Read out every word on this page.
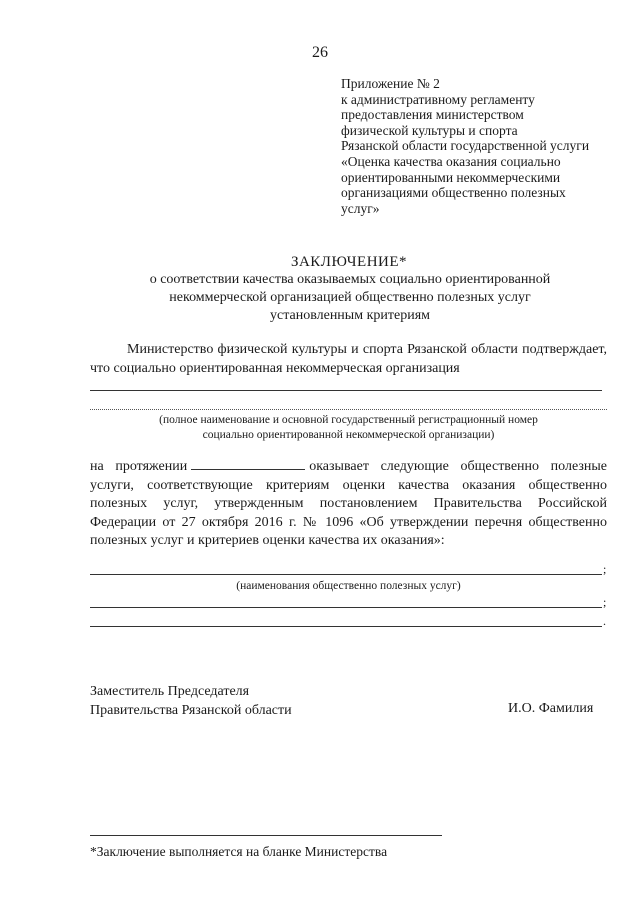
26
Приложение № 2
к административному регламенту
предоставления министерством
физической культуры и спорта
Рязанской области государственной услуги
«Оценка качества оказания социально
ориентированными некоммерческими
организациями общественно полезных
услуг»
ЗАКЛЮЧЕНИЕ*
о соответствии качества оказываемых социально ориентированной
некоммерческой организацией общественно полезных услуг
установленным критериям
Министерство физической культуры и спорта Рязанской области подтверждает, что социально ориентированная некоммерческая организация
(полное наименование и основной государственный регистрационный номер
социально ориентированной некоммерческой организации)
на протяжении	оказывает следующие общественно полезные услуги, соответствующие критериям оценки качества оказания общественно полезных услуг, утвержденным постановлением Правительства Российской Федерации от 27 октября 2016 г. № 1096 «Об утверждении перечня общественно полезных услуг и критериев оценки качества их оказания»:
;
(наименования общественно полезных услуг)
;
.
Заместитель Председателя
Правительства Рязанской области	И.О. Фамилия
*Заключение выполняется на бланке Министерства
